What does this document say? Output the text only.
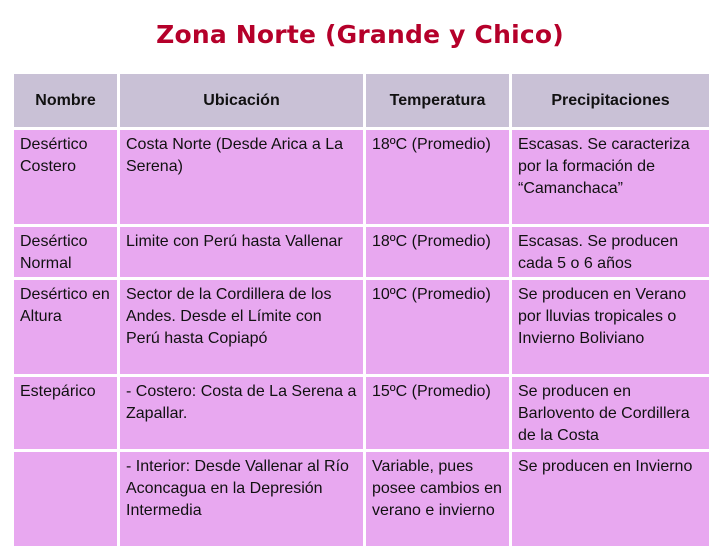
Zona Norte (Grande y Chico)
Nombre	Ubicación	Temperatura	Precipitaciones
Desértico Costero	Costa Norte (Desde Arica a La Serena)	18ºC (Promedio)	Escasas. Se caracteriza por la formación de “Camanchaca”
Desértico Normal	Limite con Perú hasta Vallenar	18ºC (Promedio)	Escasas. Se producen cada 5 o 6 años
Desértico en Altura	Sector de la Cordillera de los Andes. Desde el Límite con Perú hasta Copiapó	10ºC (Promedio)	Se producen en Verano por lluvias tropicales o Invierno Boliviano
Estepárico	- Costero: Costa de La Serena a Zapallar.	15ºC (Promedio)	Se producen en Barlovento de Cordillera de la Costa
	- Interior: Desde Vallenar al Río Aconcagua en la Depresión Intermedia	Variable, pues posee cambios en verano e invierno	Se producen en Invierno
